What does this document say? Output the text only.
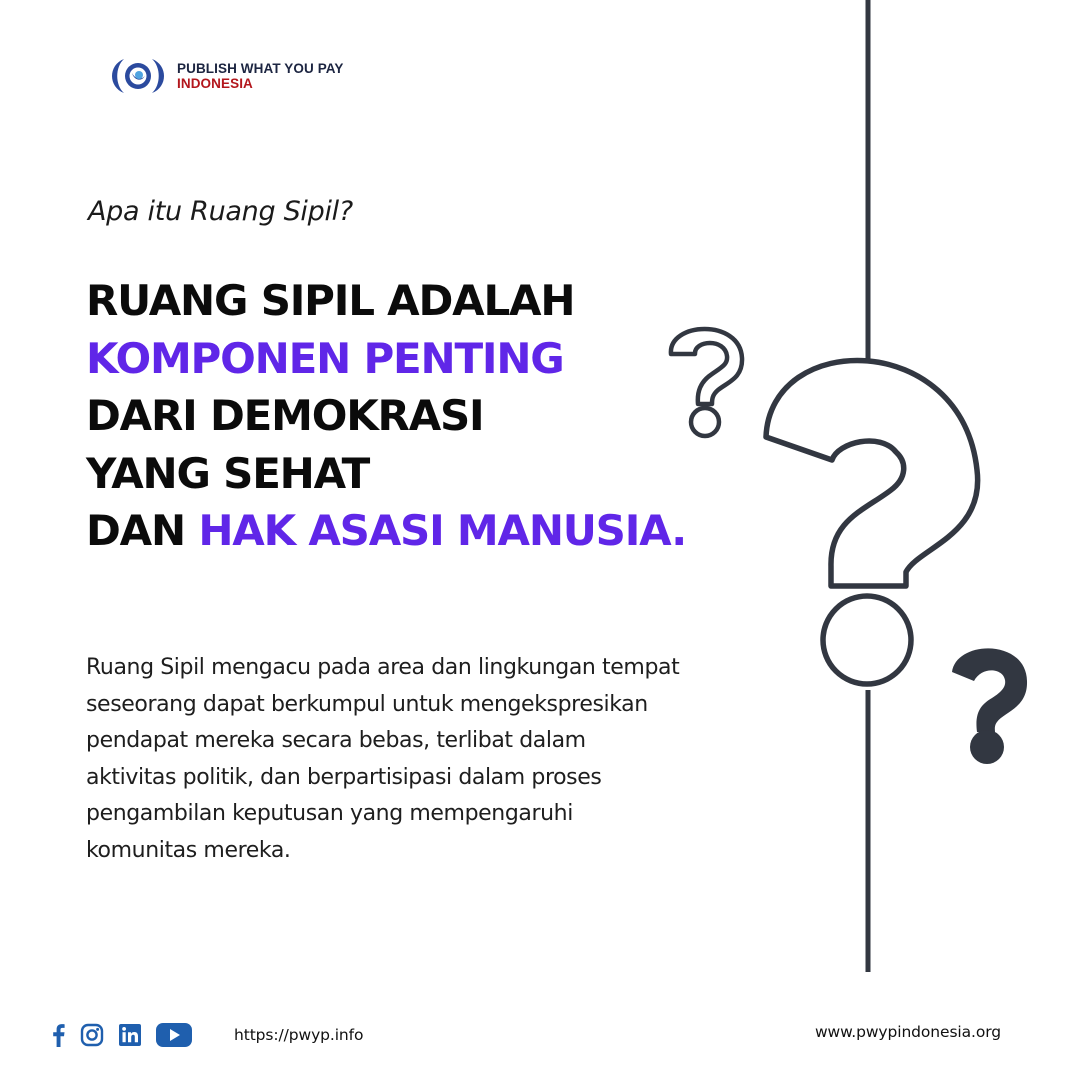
PUBLISH WHAT YOU PAY
INDONESIA
Apa itu Ruang Sipil?
RUANG SIPIL ADALAH
KOMPONEN PENTING
DARI DEMOKRASI
YANG SEHAT
DAN HAK ASASI MANUSIA.
Ruang Sipil mengacu pada area dan lingkungan tempat
seseorang dapat berkumpul untuk mengekspresikan
pendapat mereka secara bebas, terlibat dalam
aktivitas politik, dan berpartisipasi dalam proses
pengambilan keputusan yang mempengaruhi
komunitas mereka.
https://pwyp.info	www.pwypindonesia.org
